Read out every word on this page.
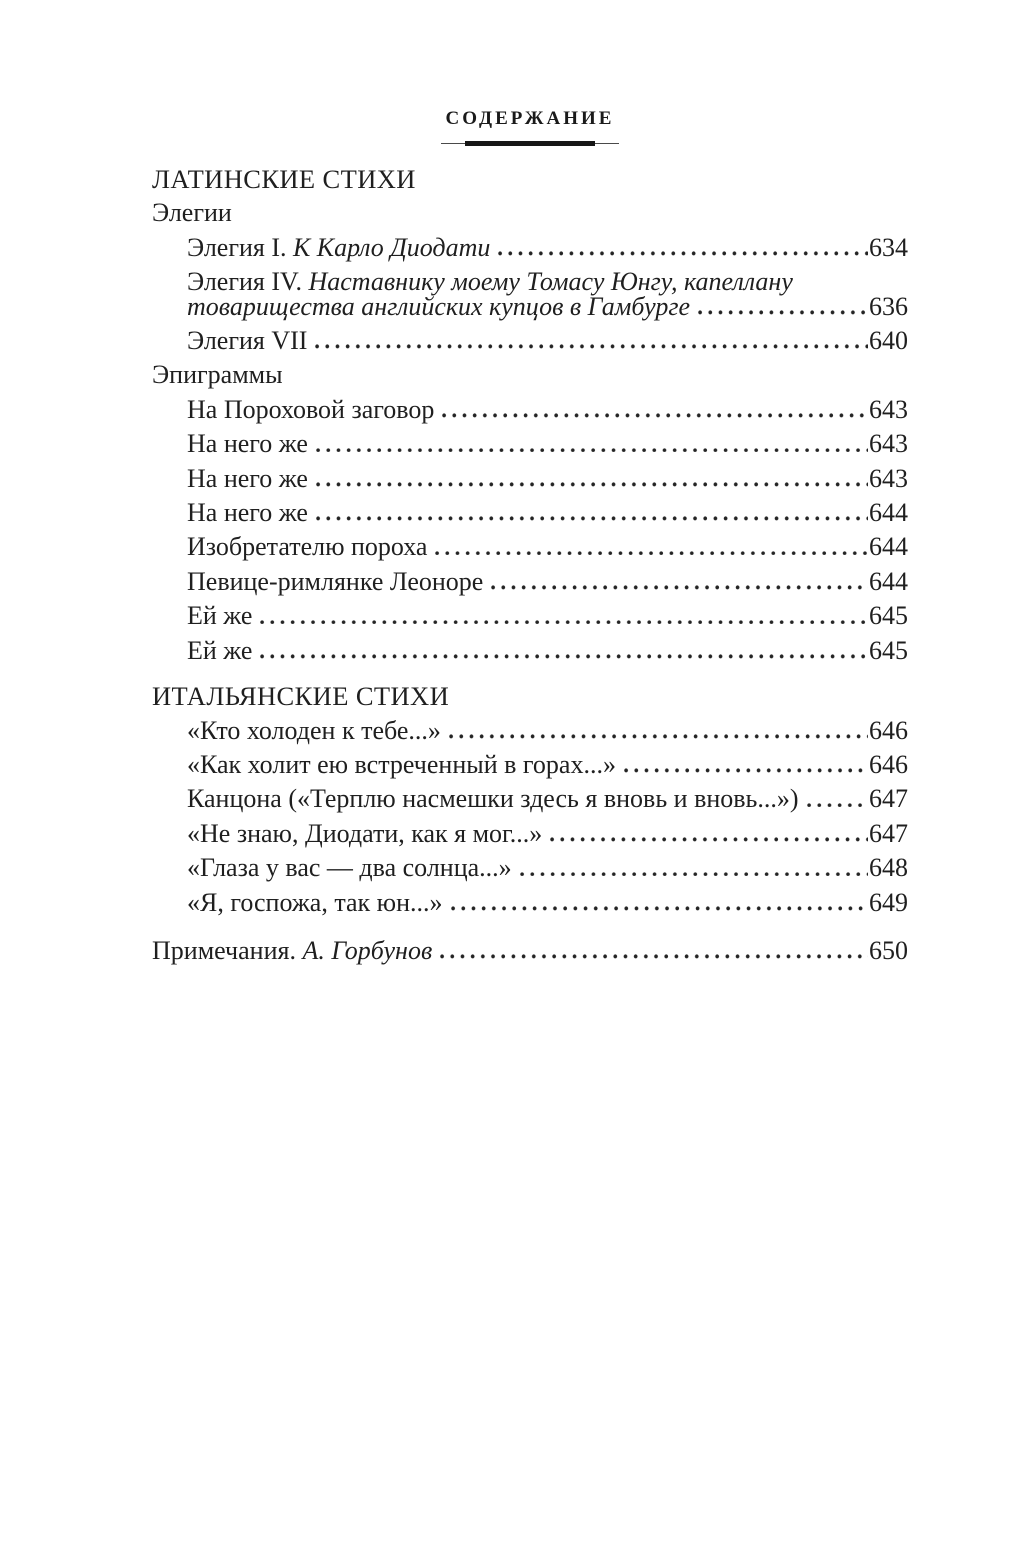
СОДЕРЖАНИЕ
ЛАТИНСКИЕ СТИХИ
Элегии
Элегия I. К Карло Диодати	634
Элегия IV. Наставнику моему Томасу Юнгу, капеллану
товарищества английских купцов в Гамбурге	636
Элегия VII	640
Эпиграммы
На Пороховой заговор	643
На него же	643
На него же	643
На него же	644
Изобретателю пороха	644
Певице-римлянке Леоноре	644
Ей же	645
Ей же	645
ИТАЛЬЯНСКИЕ СТИХИ
«Кто холоден к тебе...»	646
«Как холит ею встреченный в горах...»	646
Канцона («Терплю насмешки здесь я вновь и вновь...»)	647
«Не знаю, Диодати, как я мог...»	647
«Глаза у вас — два солнца...»	648
«Я, госпожа, так юн...»	649
Примечания. А. Горбунов	650
